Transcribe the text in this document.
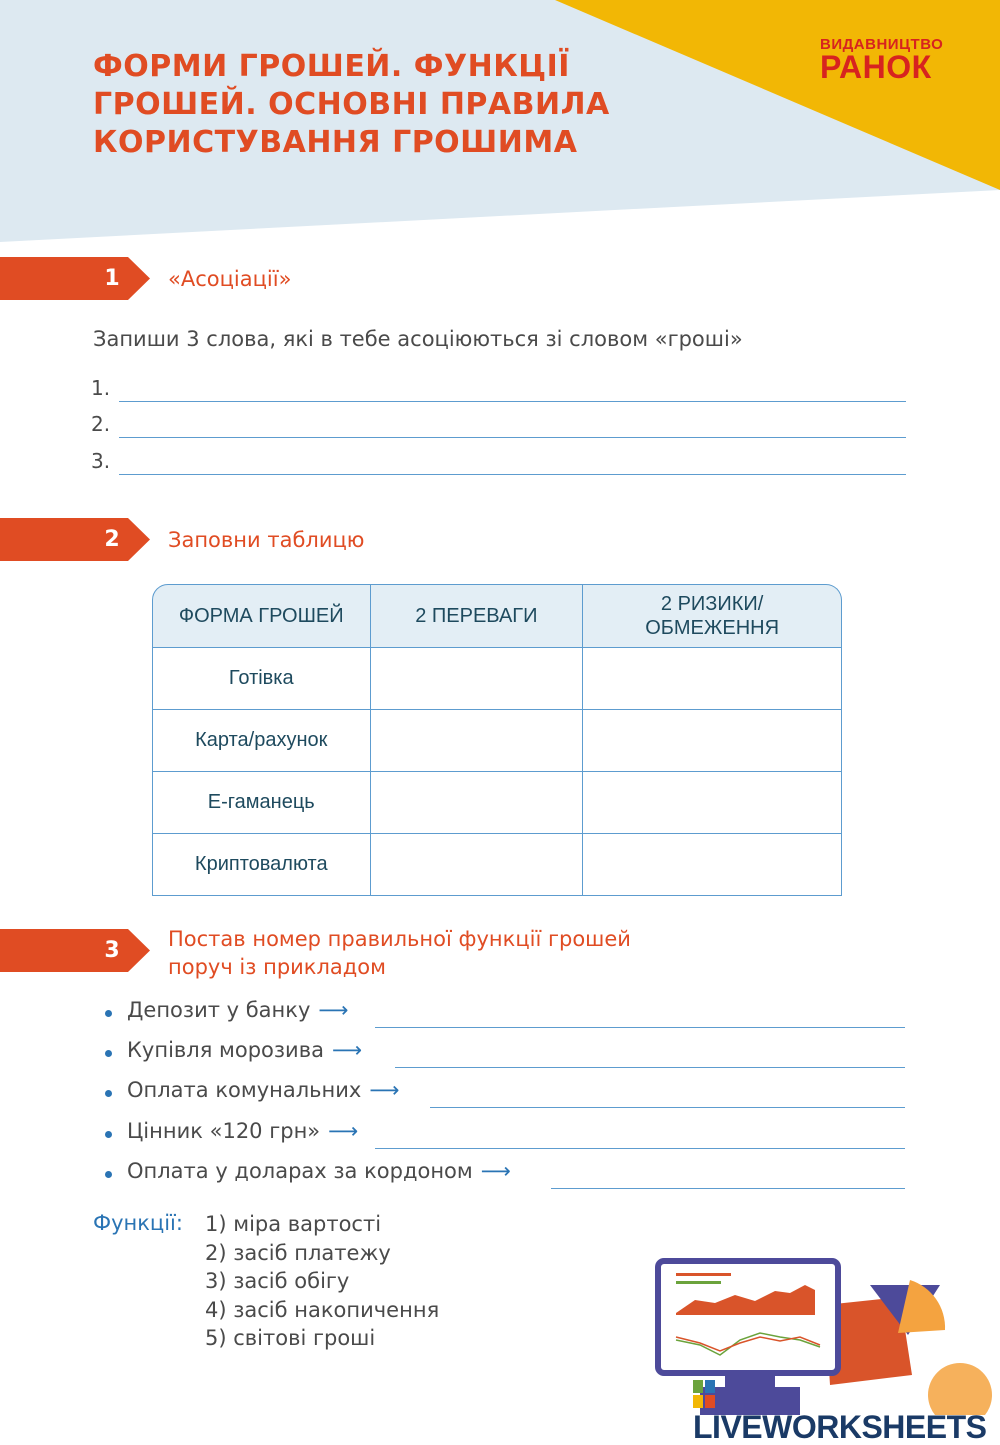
ФОРМИ ГРОШЕЙ. ФУНКЦІЇ ГРОШЕЙ. ОСНОВНІ ПРАВИЛА КОРИСТУВАННЯ ГРОШИМА
ВИДАВНИЦТВО
РАНОК
1 «Асоціації»
Запиши 3 слова, які в тебе асоціюються зі словом «гроші»
1.
2.
3.
2 Заповни таблицю
ФОРМА ГРОШЕЙ	2 ПЕРЕВАГИ	2 РИЗИКИ/ ОБМЕЖЕННЯ
Готівка		
Карта/рахунок		
Е-гаманець		
Криптовалюта		
3 Постав номер правильної функції грошей
поруч із прикладом
Депозит у банку ⟶
Купівля морозива ⟶
Оплата комунальних ⟶
Цінник «120 грн» ⟶
Оплата у доларах за кордоном ⟶
Функції: 1) міра вартості
2) засіб платежу
3) засіб обігу
4) засіб накопичення
5) світові гроші
LIVEWORKSHEETS
